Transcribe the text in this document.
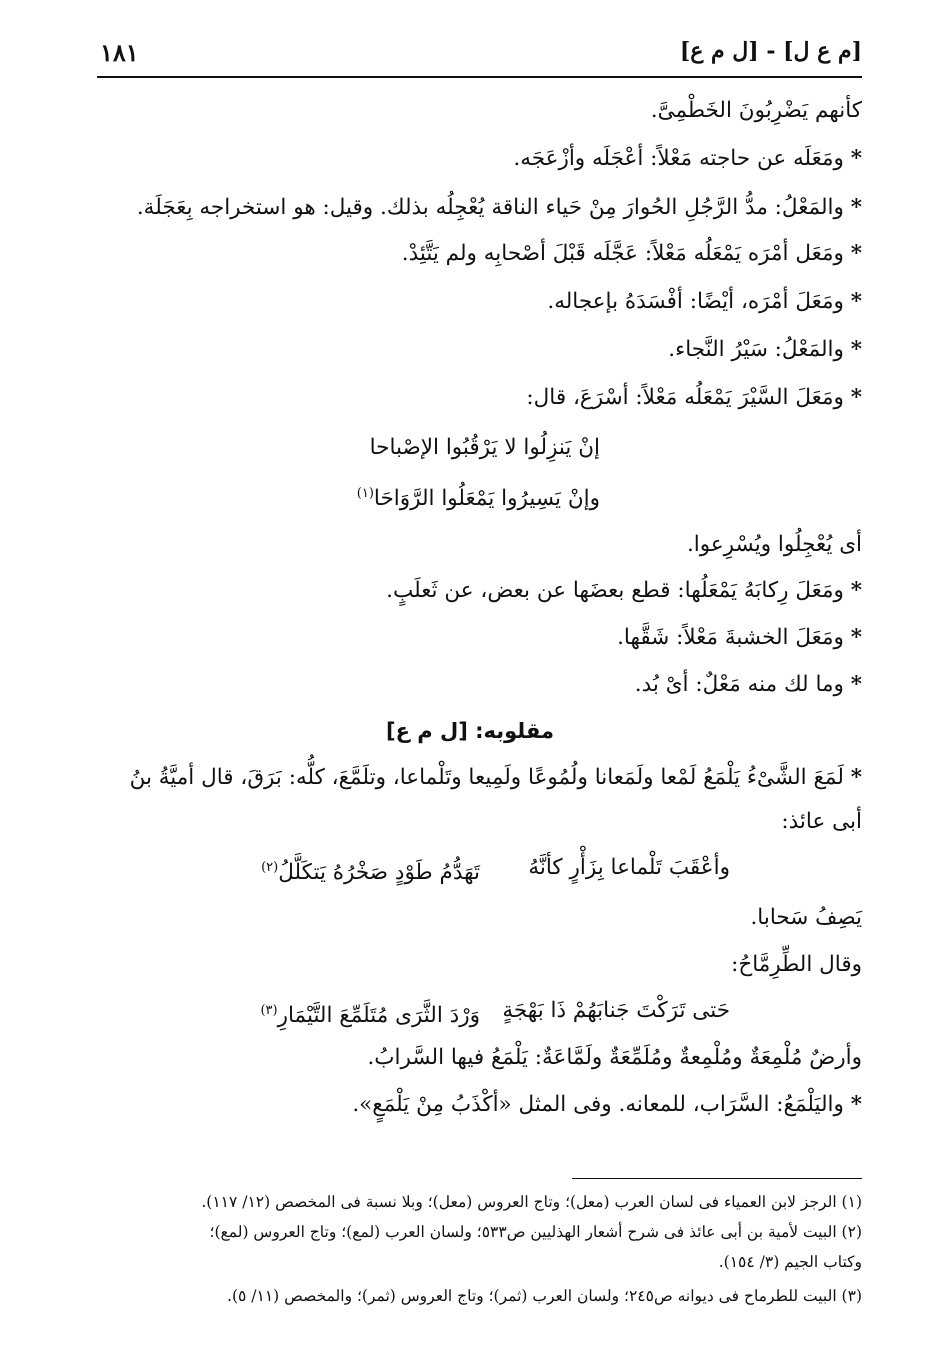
[م ع ل] - [ل م ع]
١٨١
كأنهم يَضْرِبُونَ الخَطْمِىَّ.
* ومَعَلَه عن حاجته مَعْلاً: أعْجَلَه وأزْعَجَه.
* والمَعْلُ: مدُّ الرَّجُلِ الحُوارَ مِنْ حَياء الناقة يُعْجِلُه بذلك. وقيل: هو استخراجه بِعَجَلَة.
* ومَعَل أمْرَه يَمْعَلُه مَعْلاً: عَجَّلَه قَبْلَ أصْحابِه ولم يَتَّئِدْ.
* ومَعَلَ أمْرَه، أيْضًا: أفْسَدَهُ بإعجاله.
* والمَعْلُ: سَيْرُ النَّجاء.
* ومَعَلَ السَّيْرَ يَمْعَلُه مَعْلاً: أسْرَعَ، قال:
إنْ يَنزِلُوا لا يَرْقُبُوا الإصْباحا
وإنْ يَسِيرُوا يَمْعَلُوا الرَّوَاحَا$^{(١)}$
أى يُعْجِلُوا ويُسْرِعوا.
* ومَعَلَ رِكابَهُ يَمْعَلُها: قطع بعضَها عن بعض، عن ثَعلَبٍ.
* ومَعَلَ الخشبةَ مَعْلاً: شَقَّها.
* وما لك منه مَعْلٌ: أىْ بُد.
مقلوبه: [ل م ع]
* لَمَعَ الشَّىْءُ يَلْمَعُ لَمْعا ولَمَعانا ولُمُوعًا ولَمِيعا وتَلْماعا، وتلَمَّعَ، كلُّه: بَرَقَ، قال أميَّةُ بنُ
أبى عائذ:
وأعْقَبَ تَلْماعا بِزَأْرٍ كأنَّهُ
تَهَدُّمُ طَوْدٍ صَخْرُهُ يَتكَلَّلُ$^{(٢)}$
يَصِفُ سَحابا.
وقال الطِّرِمَّاحُ:
حَتى تَرَكْتَ جَنابَهُمْ ذَا بَهْجَةٍ
وَرْدَ الثَّرَى مُتَلَمِّعَ التَّيْمَارِ$^{(٣)}$
وأرضٌ مُلْمِعَةٌ ومُلْمِعةٌ ومُلَمِّعَةٌ ولَمَّاعَةٌ: يَلْمَعُ فيها السَّرابُ.
* واليَلْمَعُ: السَّرَاب، للمعانه. وفى المثل «أكْذَبُ مِنْ يَلْمَعٍ».
(١) الرجز لابن العمياء فى لسان العرب (معل)؛ وتاج العروس (معل)؛ وبلا نسبة فى المخصص (١٢/ ١١٧).
(٢) البيت لأمية بن أبى عائذ فى شرح أشعار الهذليين ص٥٣٣؛ ولسان العرب (لمع)؛ وتاج العروس (لمع)؛
وكتاب الجيم (٣/ ١٥٤).
(٣) البيت للطرماح فى ديوانه ص٢٤٥؛ ولسان العرب (ثمر)؛ وتاج العروس (ثمر)؛ والمخصص (١١/ ٥).
